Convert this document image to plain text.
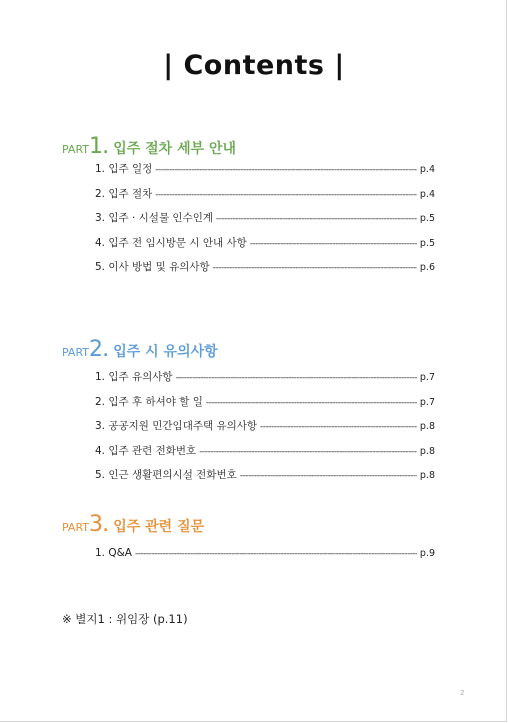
| Contents |
PART1. 입주 절차 세부 안내
1. 입주 일정 -----	p.4
2. 입주 절차 -----	p.4
3. 입주 · 시설물 인수인계 -----	p.5
4. 입주 전 임시방문 시 안내 사항 -----	p.5
5. 이사 방법 및 유의사항 -----	p.6
PART2. 입주 시 유의사항
1. 입주 유의사항 -----	p.7
2. 입주 후 하셔야 할 일 -----	p.7
3. 공공지원 민간임대주택 유의사항 -----	p.8
4. 입주 관련 전화번호 -----	p.8
5. 인근 생활편의시설 전화번호 -----	p.8
PART3. 입주 관련 질문
1. Q&A -----	p.9
※ 별지1 : 위임장 (p.11)
2
